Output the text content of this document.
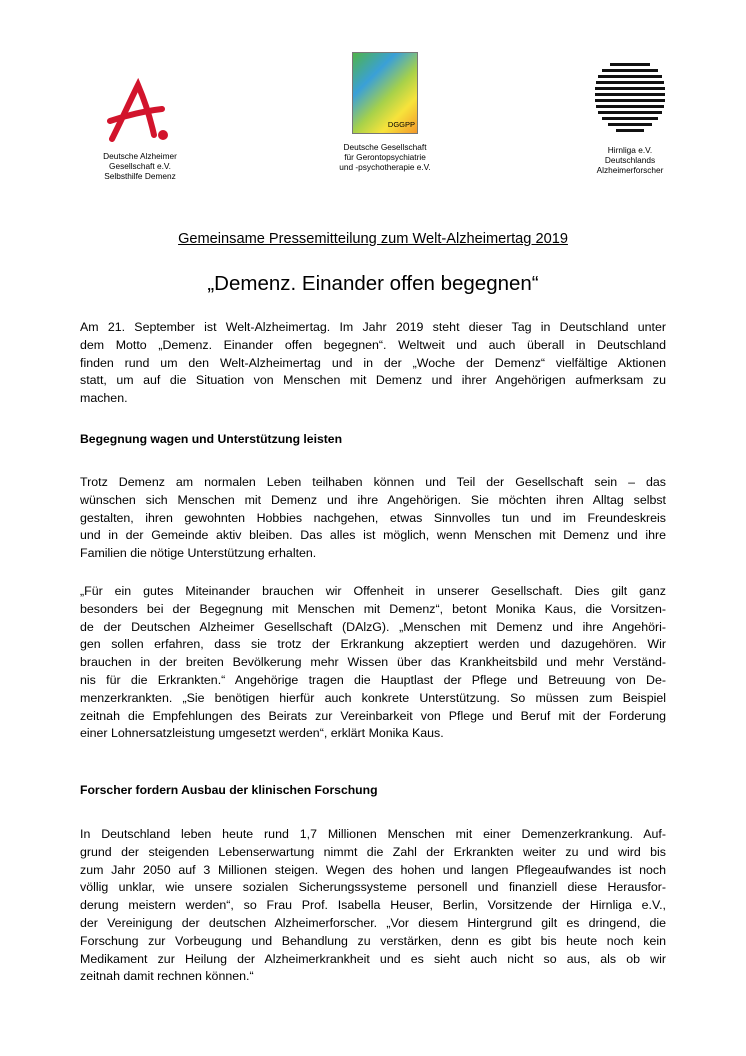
Deutsche Alzheimer
Gesellschaft e.V.
Selbsthilfe Demenz
DGGPP
Deutsche Gesellschaft
für Gerontopsychiatrie
und -psychotherapie e.V.
Hirnliga e.V.
Deutschlands
Alzheimerforscher
Gemeinsame Pressemitteilung zum Welt-Alzheimertag 2019
„Demenz. Einander offen begegnen“
Am 21. September ist Welt-Alzheimertag. Im Jahr 2019 steht dieser Tag in Deutschland unter
dem Motto „Demenz. Einander offen begegnen“. Weltweit und auch überall in Deutschland
finden rund um den Welt-Alzheimertag und in der „Woche der Demenz“ vielfältige Aktionen
statt, um auf die Situation von Menschen mit Demenz und ihrer Angehörigen aufmerksam zu
machen.
Begegnung wagen und Unterstützung leisten
Trotz Demenz am normalen Leben teilhaben können und Teil der Gesellschaft sein – das
wünschen sich Menschen mit Demenz und ihre Angehörigen. Sie möchten ihren Alltag selbst
gestalten, ihren gewohnten Hobbies nachgehen, etwas Sinnvolles tun und im Freundeskreis
und in der Gemeinde aktiv bleiben. Das alles ist möglich, wenn Menschen mit Demenz und ihre
Familien die nötige Unterstützung erhalten.
„Für ein gutes Miteinander brauchen wir Offenheit in unserer Gesellschaft. Dies gilt ganz
besonders bei der Begegnung mit Menschen mit Demenz“, betont Monika Kaus, die Vorsitzen-
de der Deutschen Alzheimer Gesellschaft (DAlzG). „Menschen mit Demenz und ihre Angehöri-
gen sollen erfahren, dass sie trotz der Erkrankung akzeptiert werden und dazugehören. Wir
brauchen in der breiten Bevölkerung mehr Wissen über das Krankheitsbild und mehr Verständ-
nis für die Erkrankten.“ Angehörige tragen die Hauptlast der Pflege und Betreuung von De-
menzerkrankten. „Sie benötigen hierfür auch konkrete Unterstützung. So müssen zum Beispiel
zeitnah die Empfehlungen des Beirats zur Vereinbarkeit von Pflege und Beruf mit der Forderung
einer Lohnersatzleistung umgesetzt werden“, erklärt Monika Kaus.
Forscher fordern Ausbau der klinischen Forschung
In Deutschland leben heute rund 1,7 Millionen Menschen mit einer Demenzerkrankung. Auf-
grund der steigenden Lebenserwartung nimmt die Zahl der Erkrankten weiter zu und wird bis
zum Jahr 2050 auf 3 Millionen steigen. Wegen des hohen und langen Pflegeaufwandes ist noch
völlig unklar, wie unsere sozialen Sicherungssysteme personell und finanziell diese Herausfor-
derung meistern werden“, so Frau Prof. Isabella Heuser, Berlin, Vorsitzende der Hirnliga e.V.,
der Vereinigung der deutschen Alzheimerforscher. „Vor diesem Hintergrund gilt es dringend, die
Forschung zur Vorbeugung und Behandlung zu verstärken, denn es gibt bis heute noch kein
Medikament zur Heilung der Alzheimerkrankheit und es sieht auch nicht so aus, als ob wir
zeitnah damit rechnen können.“
